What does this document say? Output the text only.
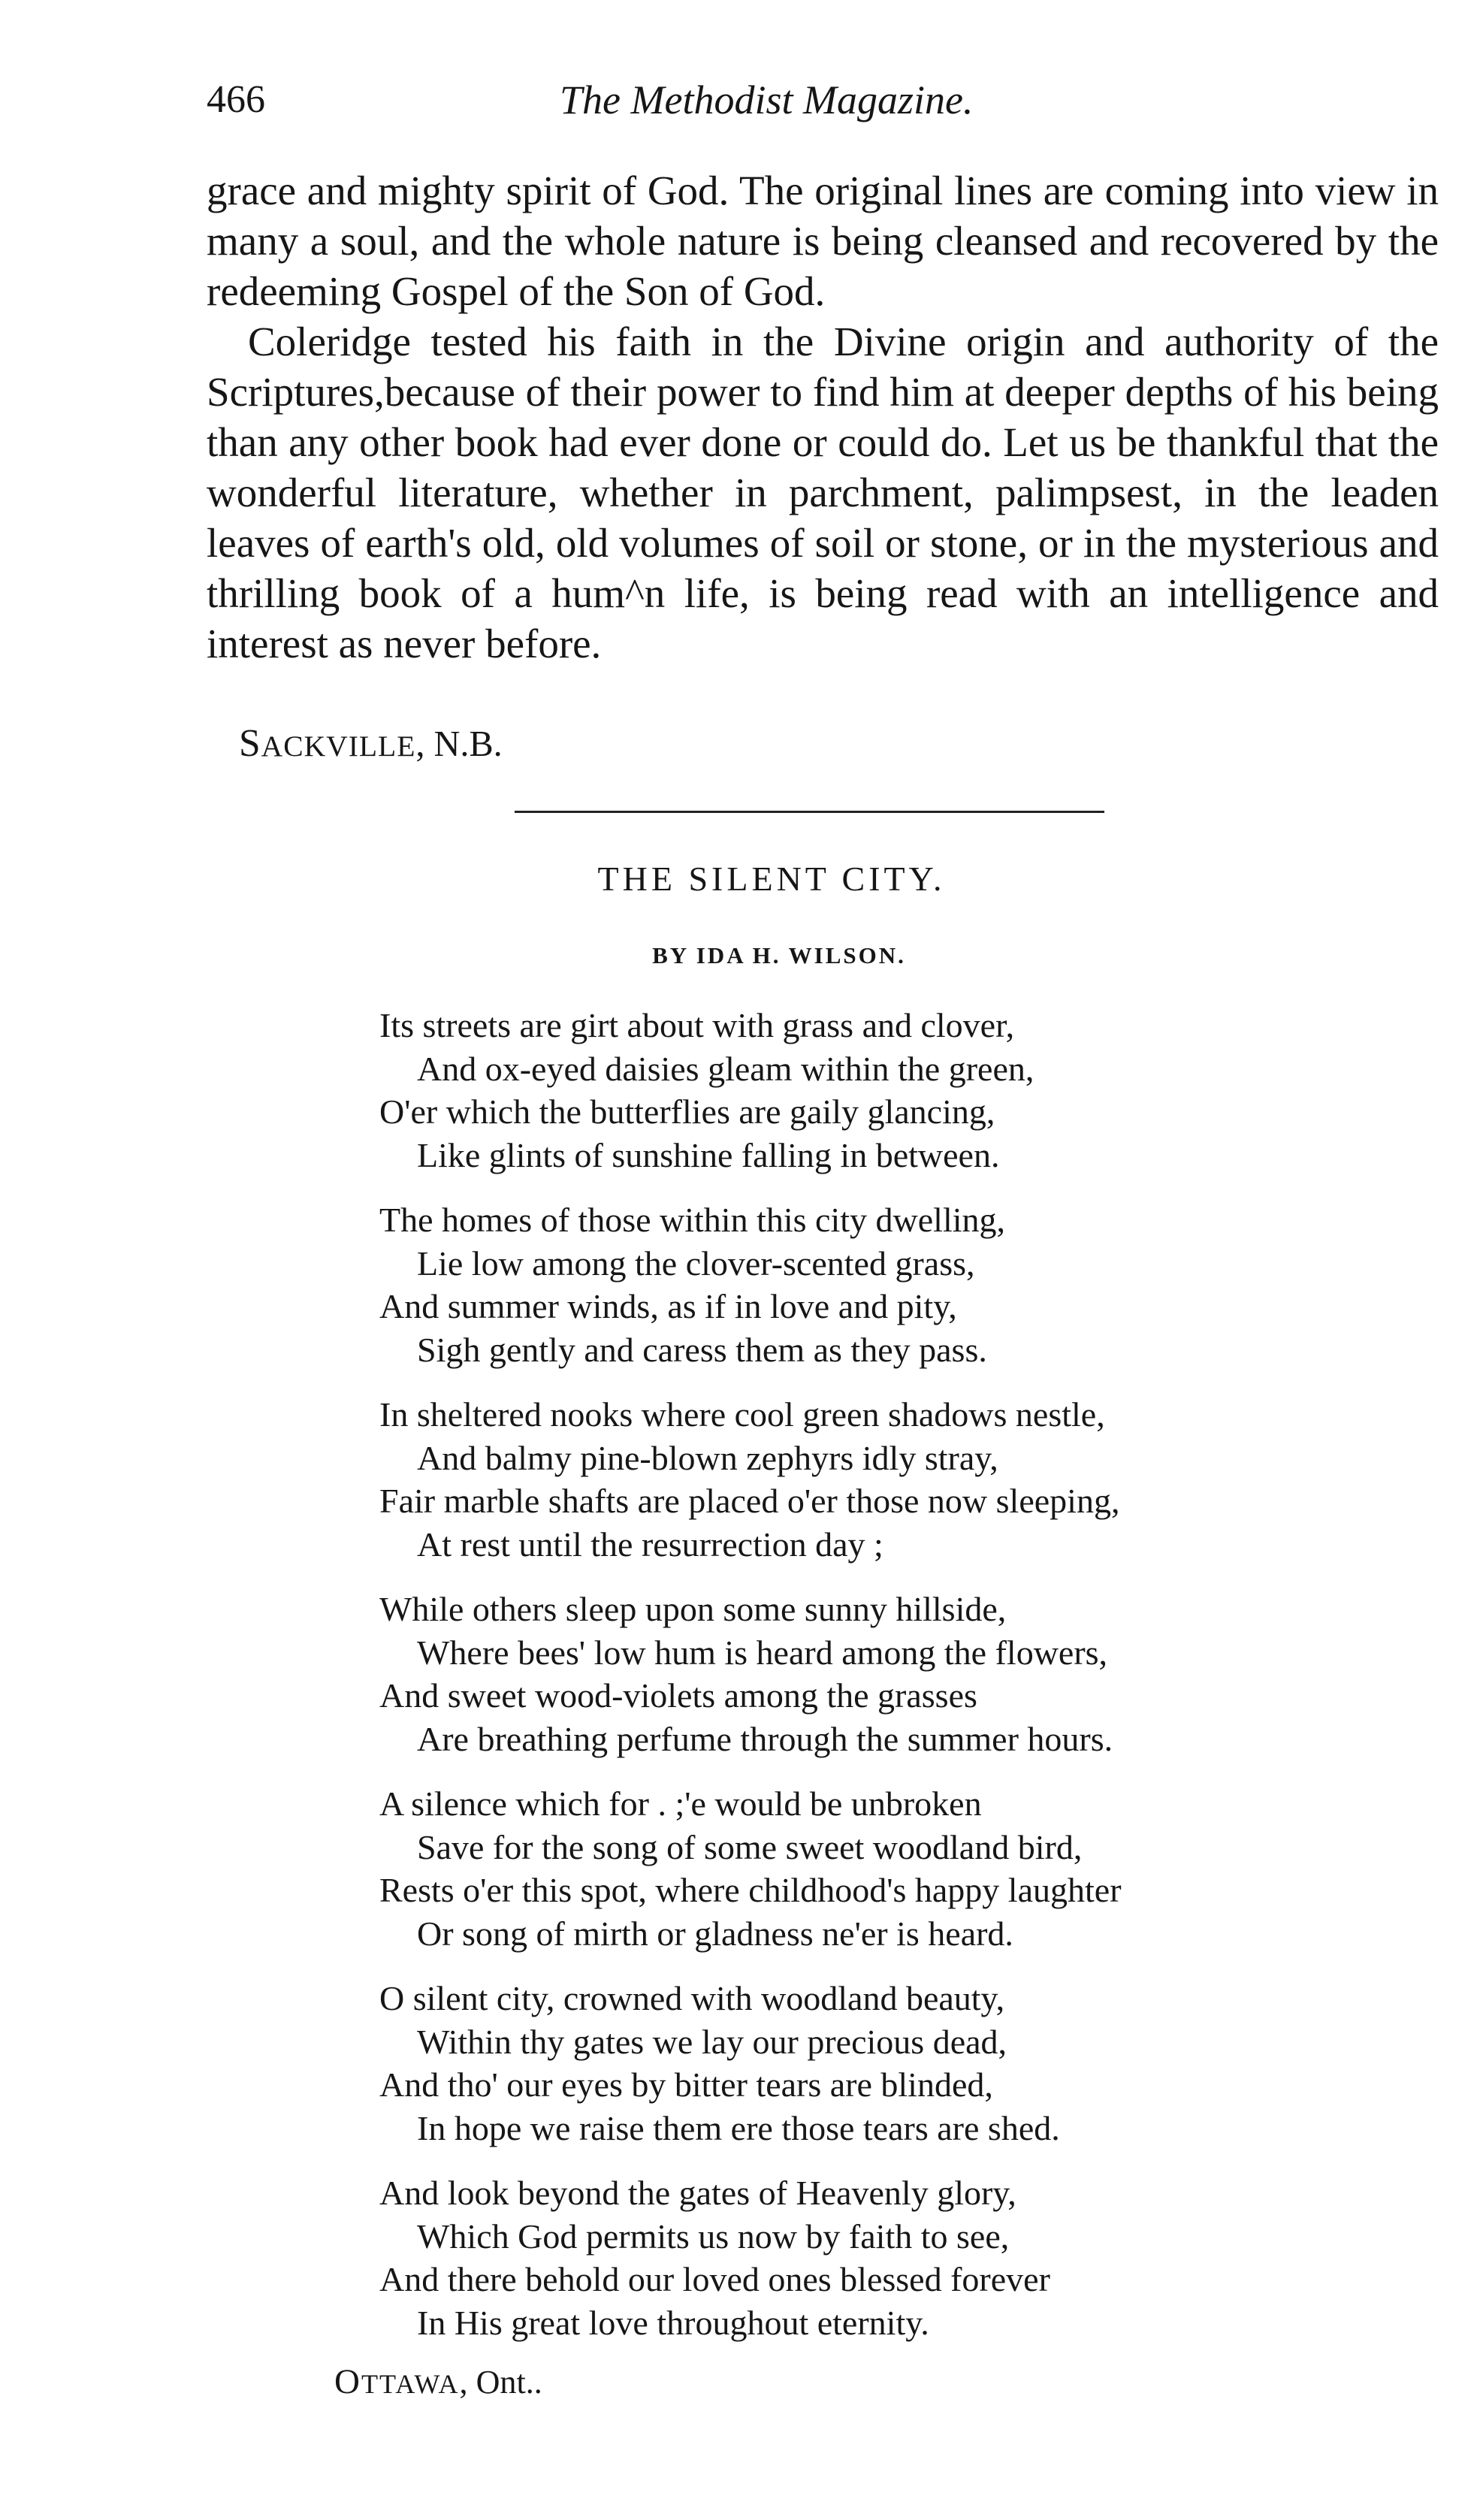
466	The Methodist Magazine.

grace and mighty spirit of God. The original lines are coming into view in many a soul, and the whole nature is being cleansed and recovered by the redeeming Gospel of the Son of God.

Coleridge tested his faith in the Divine origin and authority of the Scriptures,because of their power to find him at deeper depths of his being than any other book had ever done or could do. Let us be thankful that the wonderful literature, whether in parchment, palimpsest, in the leaden leaves of earth's old, old volumes of soil or stone, or in the mysterious and thrilling book of a hum^n life, is being read with an intelligence and interest as never before.

SACKVILLE, N.B.
THE SILENT CITY.
BY IDA H. WILSON.
Its streets are girt about with grass and clover,
And ox-eyed daisies gleam within the green,
O'er which the butterflies are gaily glancing,
Like glints of sunshine falling in between.
The homes of those within this city dwelling,
Lie low among the clover-scented grass,
And summer winds, as if in love and pity,
Sigh gently and caress them as they pass.
In sheltered nooks where cool green shadows nestle,
And balmy pine-blown zephyrs idly stray,
Fair marble shafts are placed o'er those now sleeping,
At rest until the resurrection day ;
While others sleep upon some sunny hillside,
Where bees' low hum is heard among the flowers,
And sweet wood-violets among the grasses
Are breathing perfume through the summer hours.
A silence which for . ;'e would be unbroken
Save for the song of some sweet woodland bird,
Rests o'er this spot, where childhood's happy laughter
Or song of mirth or gladness ne'er is heard.
O silent city, crowned with woodland beauty,
Within thy gates we lay our precious dead,
And tho' our eyes by bitter tears are blinded,
In hope we raise them ere those tears are shed.
And look beyond the gates of Heavenly glory,
Which God permits us now by faith to see,
And there behold our loved ones blessed forever
In His great love throughout eternity.
OTTAWA, Ont..
